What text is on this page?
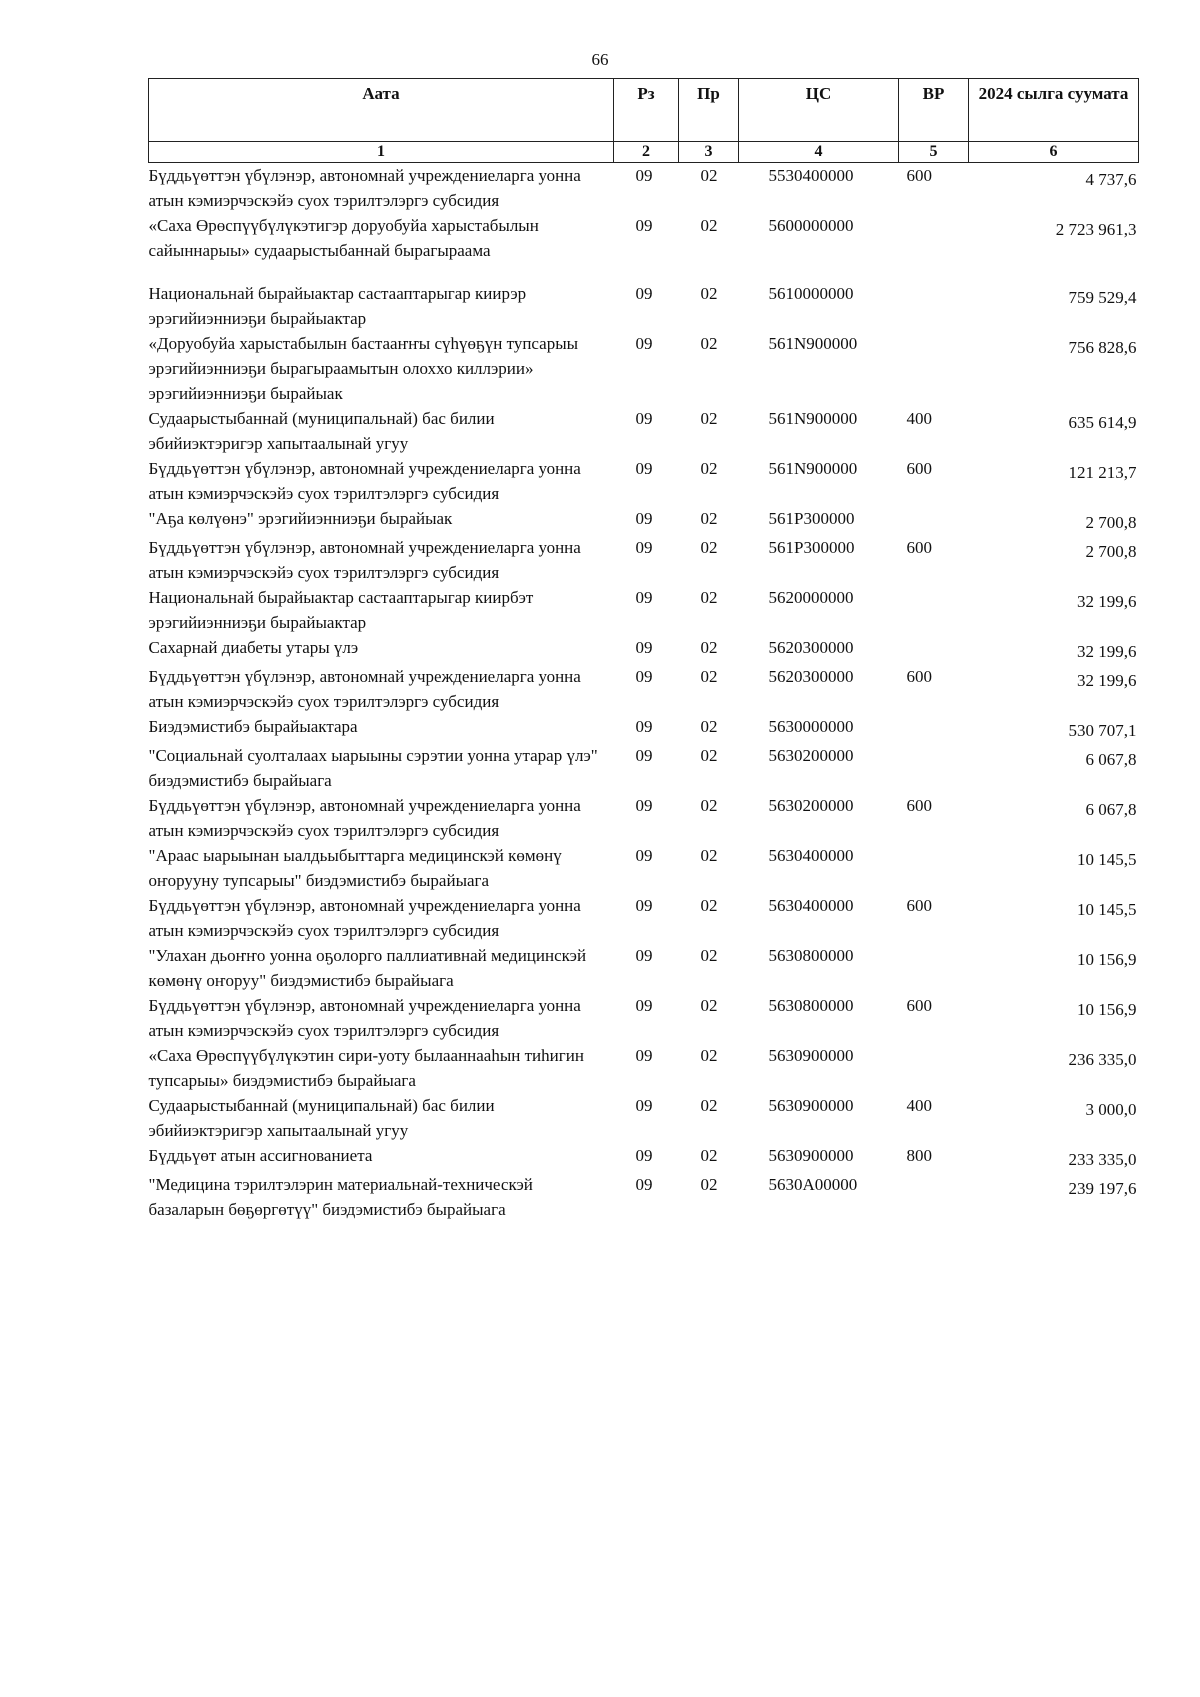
66
Аата	Рз	Пр	ЦС	ВР	2024 сылга суумата
1	2	3	4	5	6
Бүддьүөттэн үбүлэнэр, автономнай учреждениеларга уонна атын кэмиэрчэскэйэ суох тэрилтэлэргэ субсидия	09	02	5530400000	600	4 737,6
«Саха Өрөспүүбүлүкэтигэр доруобуйа харыстабылын сайыннарыы» судаарыстыбаннай бырагыраама	09	02	5600000000		2 723 961,3
Национальнай бырайыактар састааптарыгар киирэр эрэгийиэнниэҕи бырайыактар	09	02	5610000000		759 529,4
«Доруобуйа харыстабылын бастааҥҥы сүһүөҕүн тупсарыы эрэгийиэнниэҕи бырагыраамытын олоххо киллэрии» эрэгийиэнниэҕи бырайыак	09	02	561N900000		756 828,6
Судаарыстыбаннай (муниципальнай) бас билии эбийиэктэригэр хапытаалынай угуу	09	02	561N900000	400	635 614,9
Бүддьүөттэн үбүлэнэр, автономнай учреждениеларга уонна атын кэмиэрчэскэйэ суох тэрилтэлэргэ субсидия	09	02	561N900000	600	121 213,7
"Аҕа көлүөнэ" эрэгийиэнниэҕи бырайыак	09	02	561P300000		2 700,8
Бүддьүөттэн үбүлэнэр, автономнай учреждениеларга уонна атын кэмиэрчэскэйэ суох тэрилтэлэргэ субсидия	09	02	561P300000	600	2 700,8
Национальнай бырайыактар састааптарыгар киирбэт эрэгийиэнниэҕи бырайыактар	09	02	5620000000		32 199,6
Сахарнай диабеты утары үлэ	09	02	5620300000		32 199,6
Бүддьүөттэн үбүлэнэр, автономнай учреждениеларга уонна атын кэмиэрчэскэйэ суох тэрилтэлэргэ субсидия	09	02	5620300000	600	32 199,6
Биэдэмистибэ бырайыактара	09	02	5630000000		530 707,1
"Социальнай суолталаах ыарыыны сэрэтии уонна утарар үлэ" биэдэмистибэ бырайыага	09	02	5630200000		6 067,8
Бүддьүөттэн үбүлэнэр, автономнай учреждениеларга уонна атын кэмиэрчэскэйэ суох тэрилтэлэргэ субсидия	09	02	5630200000	600	6 067,8
"Араас ыарыынан ыалдьыбыттарга медицинскэй көмөнү оҥорууну тупсарыы" биэдэмистибэ бырайыага	09	02	5630400000		10 145,5
Бүддьүөттэн үбүлэнэр, автономнай учреждениеларга уонна атын кэмиэрчэскэйэ суох тэрилтэлэргэ субсидия	09	02	5630400000	600	10 145,5
"Улахан дьоҥҥо уонна оҕолорго паллиативнай медицинскэй көмөнү оҥоруу" биэдэмистибэ бырайыага	09	02	5630800000		10 156,9
Бүддьүөттэн үбүлэнэр, автономнай учреждениеларга уонна атын кэмиэрчэскэйэ суох тэрилтэлэргэ субсидия	09	02	5630800000	600	10 156,9
«Саха Өрөспүүбүлүкэтин сири-уоту былааннааһын тиһигин тупсарыы» биэдэмистибэ бырайыага	09	02	5630900000		236 335,0
Судаарыстыбаннай (муниципальнай) бас билии эбийиэктэригэр хапытаалынай угуу	09	02	5630900000	400	3 000,0
Бүддьүөт атын ассигнованиета	09	02	5630900000	800	233 335,0
"Медицина тэрилтэлэрин материальнай-техническэй базаларын бөҕөргөтүү" биэдэмистибэ бырайыага	09	02	5630А00000		239 197,6
